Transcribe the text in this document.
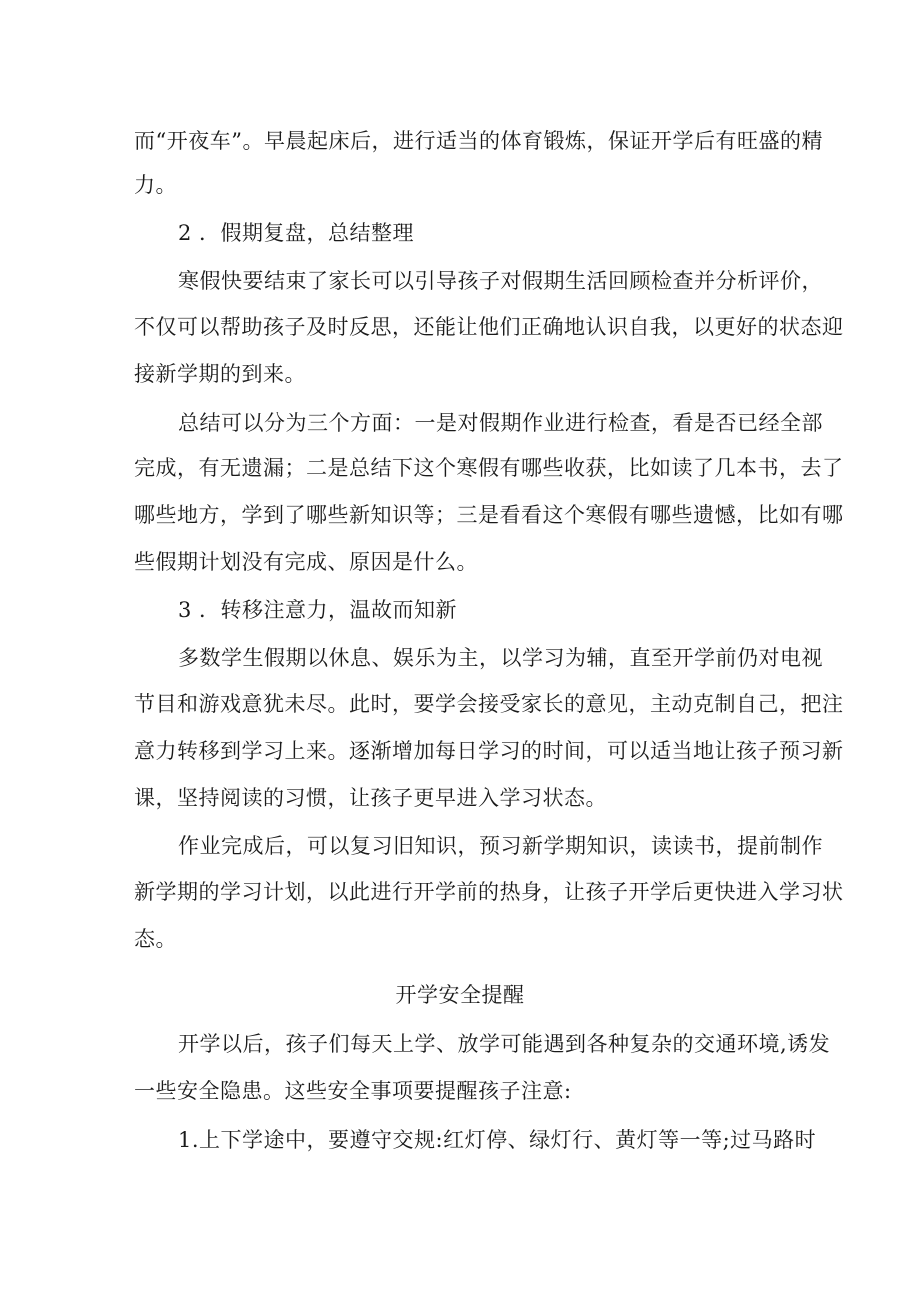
而“开夜车”。早晨起床后，进行适当的体育锻炼，保证开学后有旺盛的精
力。
2 ．假期复盘，总结整理
寒假快要结束了家长可以引导孩子对假期生活回顾检查并分析评价，
不仅可以帮助孩子及时反思，还能让他们正确地认识自我，以更好的状态迎
接新学期的到来。
总结可以分为三个方面：一是对假期作业进行检查，看是否已经全部
完成，有无遗漏；二是总结下这个寒假有哪些收获，比如读了几本书，去了
哪些地方，学到了哪些新知识等；三是看看这个寒假有哪些遗憾，比如有哪
些假期计划没有完成、原因是什么。
3 ．转移注意力，温故而知新
多数学生假期以休息、娱乐为主，以学习为辅，直至开学前仍对电视
节目和游戏意犹未尽。此时，要学会接受家长的意见，主动克制自己，把注
意力转移到学习上来。逐渐增加每日学习的时间，可以适当地让孩子预习新
课，坚持阅读的习惯，让孩子更早进入学习状态。
作业完成后，可以复习旧知识，预习新学期知识，读读书，提前制作
新学期的学习计划，以此进行开学前的热身，让孩子开学后更快进入学习状
态。
开学安全提醒
开学以后，孩子们每天上学、放学可能遇到各种复杂的交通环境,诱发
一些安全隐患。这些安全事项要提醒孩子注意:
1.上下学途中，要遵守交规:红灯停、绿灯行、黄灯等一等;过马路时
